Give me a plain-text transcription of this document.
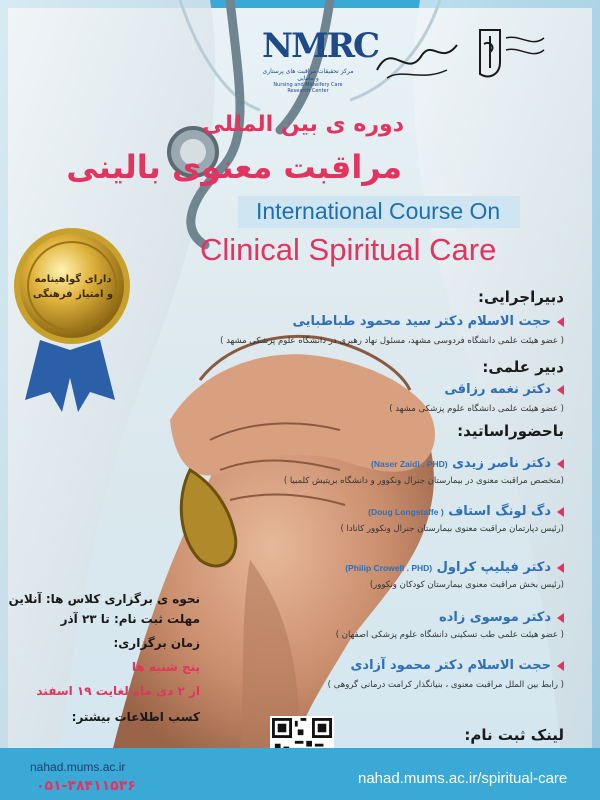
NMRC
مرکز تحقیقات مراقبت های پرستاری و مامایی
Nursing and Midwifery Care Research Center
دوره ی بین المللی
مراقبت معنوی بالینی
International Course On
Clinical Spiritual Care
دارای گواهینامه
و امتیاز فرهنگی	دبیراجرایی:
حجت الاسلام دکتر سید محمود طباطبایی
( عضو هیئت علمی دانشگاه فردوسی مشهد، مسئول نهاد رهبری در دانشگاه علوم پزشکی مشهد )
دبیر علمی:
دکتر نغمه رزاقی
( عضو هیئت علمی دانشگاه علوم پزشکی مشهد )
باحضوراساتید:
دکتر ناصر زیدی (Naser Zaidi . PHD)
(متخصص مراقبت معنوی در بیمارستان جنرال ونکوور و دانشگاه بریتیش کلمبیا )
دگ لونگ استاف ( Doug Longstaffe)
(رئیس دپارتمان مراقبت معنوی بیمارستان جنرال ونکوور کانادا )
دکتر فیلیپ کراول (Philip Crowell . PHD)
(رئیس بخش مراقبت معنوی بیمارستان کودکان ونکوور)
دکتر موسوی زاده
( عضو هیئت علمی طب تسکینی دانشگاه علوم پزشکی اصفهان )
حجت الاسلام دکتر محمود آزادی
( رابط بین الملل مراقبت معنوی ، بنیانگذار کرامت درمانی گروهی )
لینک ثبت نام:
نحوه ی برگزاری کلاس ها: آنلاین
مهلت ثبت نام: تا ۲۳ آذر
زمان برگزاری:
پنج شنبه ها
از ۲ دی ماه لغایت ۱۹ اسفند
کسب اطلاعات بیشتر:
nahad.mums.ac.ir
۰۵۱-۳۸۴۱۱۵۳۶	nahad.mums.ac.ir/spiritual-care
